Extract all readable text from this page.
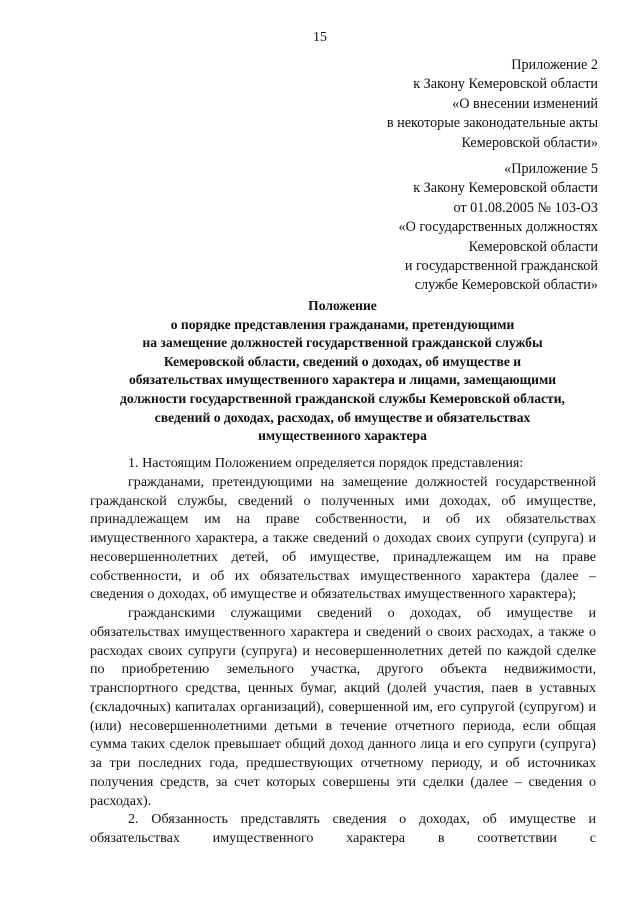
15
Приложение 2
к Закону Кемеровской области
«О внесении изменений
в некоторые законодательные акты
Кемеровской области»
«Приложение 5
к Закону Кемеровской области
от 01.08.2005 № 103-ОЗ
«О государственных должностях
Кемеровской области
и государственной гражданской
службе Кемеровской области»
Положение
о порядке представления гражданами, претендующими
на замещение должностей государственной гражданской службы
Кемеровской области, сведений о доходах, об имуществе и
обязательствах имущественного характера и лицами, замещающими
должности государственной гражданской службы Кемеровской области,
сведений о доходах, расходах, об имуществе и обязательствах
имущественного характера

1. Настоящим Положением определяется порядок представления:

гражданами, претендующими на замещение должностей государственной гражданской службы, сведений о полученных ими доходах, об имуществе, принадлежащем им на праве собственности, и об их обязательствах имущественного характера, а также сведений о доходах своих супруги (супруга) и несовершеннолетних детей, об имуществе, принадлежащем им на праве собственности, и об их обязательствах имущественного характера (далее – сведения о доходах, об имуществе и обязательствах имущественного характера);

гражданскими служащими сведений о доходах, об имуществе и обязательствах имущественного характера и сведений о своих расходах, а также о расходах своих супруги (супруга) и несовершеннолетних детей по каждой сделке по приобретению земельного участка, другого объекта недвижимости, транспортного средства, ценных бумаг, акций (долей участия, паев в уставных (складочных) капиталах организаций), совершенной им, его супругой (супругом) и (или) несовершеннолетними детьми в течение отчетного периода, если общая сумма таких сделок превышает общий доход данного лица и его супруги (супруга) за три последних года, предшествующих отчетному периоду, и об источниках получения средств, за счет которых совершены эти сделки (далее – сведения о расходах).

2. Обязанность представлять сведения о доходах, об имуществе и обязательствах имущественного характера в соответствии с
